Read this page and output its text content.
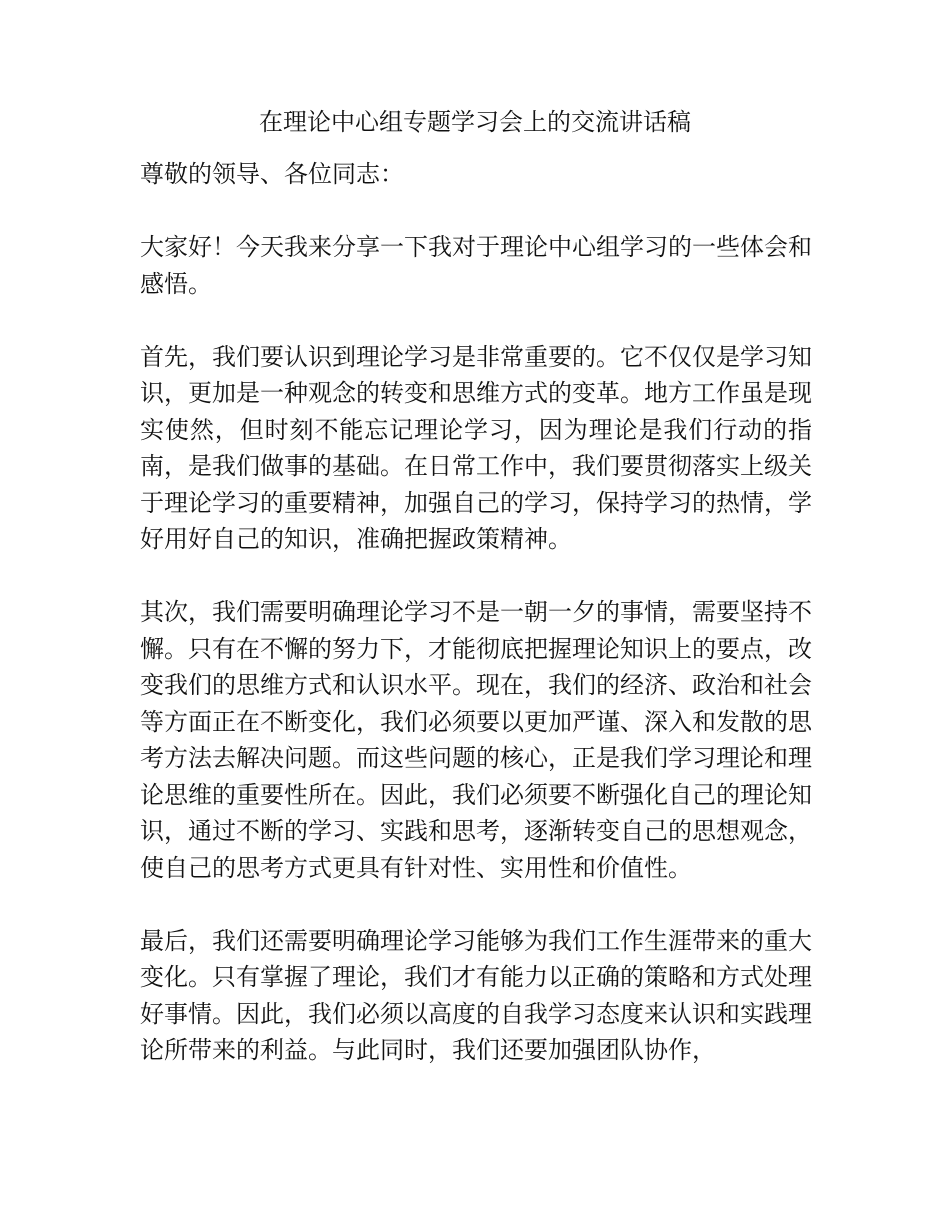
在理论中心组专题学习会上的交流讲话稿

尊敬的领导、各位同志：

大家好！今天我来分享一下我对于理论中心组学习的一些体会和感悟。

首先，我们要认识到理论学习是非常重要的。它不仅仅是学习知识，更加是一种观念的转变和思维方式的变革。地方工作虽是现实使然，但时刻不能忘记理论学习，因为理论是我们行动的指南，是我们做事的基础。在日常工作中，我们要贯彻落实上级关于理论学习的重要精神，加强自己的学习，保持学习的热情，学好用好自己的知识，准确把握政策精神。

其次，我们需要明确理论学习不是一朝一夕的事情，需要坚持不懈。只有在不懈的努力下，才能彻底把握理论知识上的要点，改变我们的思维方式和认识水平。现在，我们的经济、政治和社会等方面正在不断变化，我们必须要以更加严谨、深入和发散的思考方法去解决问题。而这些问题的核心，正是我们学习理论和理论思维的重要性所在。因此，我们必须要不断强化自己的理论知识，通过不断的学习、实践和思考，逐渐转变自己的思想观念，使自己的思考方式更具有针对性、实用性和价值性。

最后，我们还需要明确理论学习能够为我们工作生涯带来的重大变化。只有掌握了理论，我们才有能力以正确的策略和方式处理好事情。因此，我们必须以高度的自我学习态度来认识和实践理论所带来的利益。与此同时，我们还要加强团队协作，
